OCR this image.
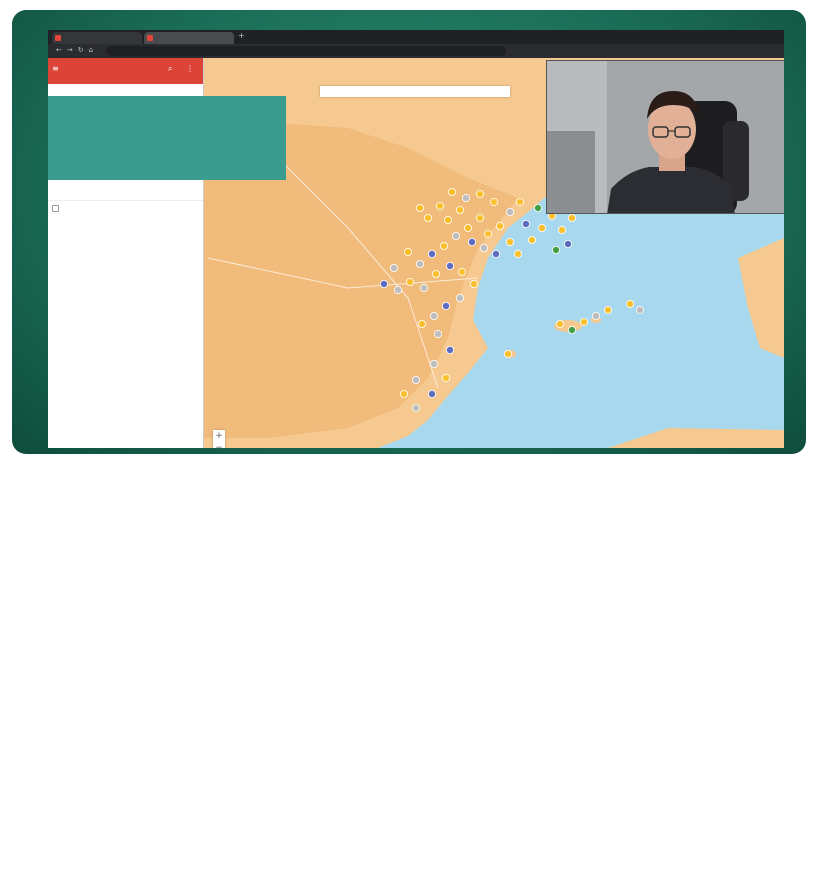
+
←→↻⌂
+
−
≡	⌕ ⋮
